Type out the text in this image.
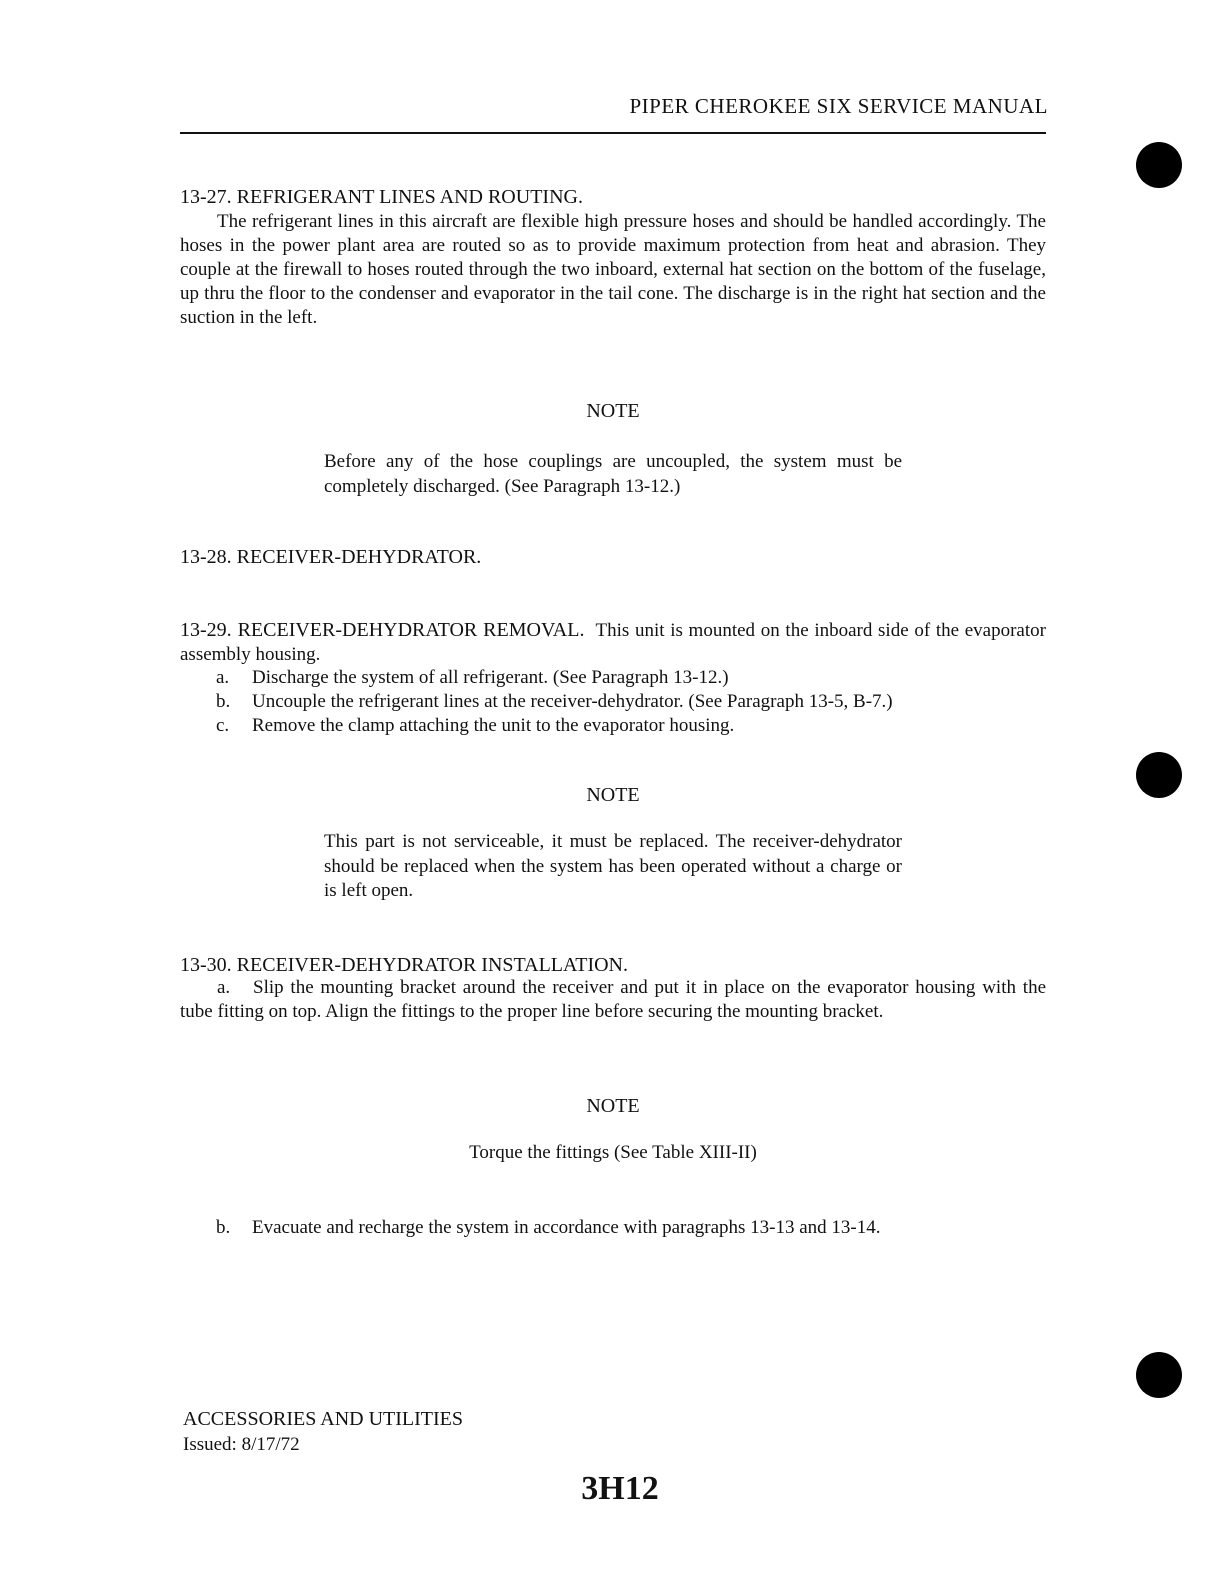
PIPER CHEROKEE SIX SERVICE MANUAL
13-27. REFRIGERANT LINES AND ROUTING.
The refrigerant lines in this aircraft are flexible high pressure hoses and should be handled accordingly. The hoses in the power plant area are routed so as to provide maximum protection from heat and abrasion. They couple at the firewall to hoses routed through the two inboard, external hat section on the bottom of the fuselage, up thru the floor to the condenser and evaporator in the tail cone. The discharge is in the right hat section and the suction in the left.
NOTE
Before any of the hose couplings are uncoupled, the system must be completely discharged. (See Paragraph 13-12.)
13-28. RECEIVER-DEHYDRATOR.
13-29. RECEIVER-DEHYDRATOR REMOVAL. This unit is mounted on the inboard side of the evaporator assembly housing.
a. Discharge the system of all refrigerant. (See Paragraph 13-12.)
b. Uncouple the refrigerant lines at the receiver-dehydrator. (See Paragraph 13-5, B-7.)
c. Remove the clamp attaching the unit to the evaporator housing.
NOTE
This part is not serviceable, it must be replaced. The receiver-dehydrator should be replaced when the system has been operated without a charge or is left open.
13-30. RECEIVER-DEHYDRATOR INSTALLATION.
a. Slip the mounting bracket around the receiver and put it in place on the evaporator housing with the tube fitting on top. Align the fittings to the proper line before securing the mounting bracket.
NOTE
Torque the fittings (See Table XIII-II)
b. Evacuate and recharge the system in accordance with paragraphs 13-13 and 13-14.
ACCESSORIES AND UTILITIES
Issued: 8/17/72
3H12
